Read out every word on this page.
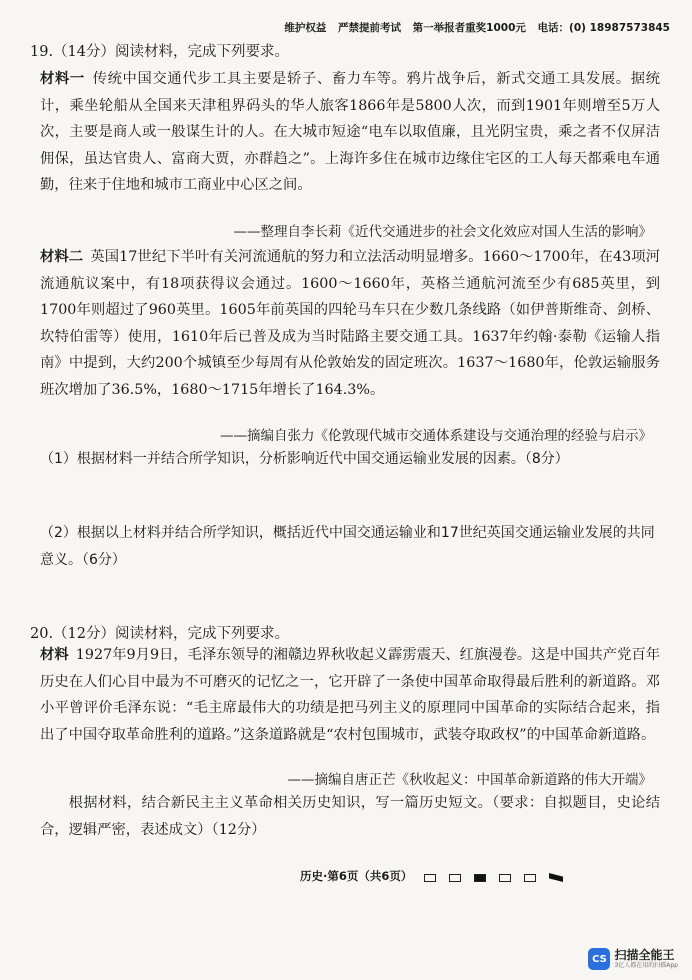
维护权益 严禁提前考试 第一举报者重奖1000元 电话：(0) 18987573845
19.（14分）阅读材料，完成下列要求。
材料一  传统中国交通代步工具主要是轿子、畜力车等。鸦片战争后，新式交通工具发展。据统计，乘坐轮船从全国来天津租界码头的华人旅客1866年是5800人次，而到1901年则增至5万人次，主要是商人或一般谋生计的人。在大城市短途“电车以取值廉，且光阴宝贵，乘之者不仅屏洁佣保，虽达官贵人、富商大贾，亦群趋之”。上海许多住在城市边缘住宅区的工人每天都乘电车通勤，往来于住地和城市工商业中心区之间。
——整理自李长莉《近代交通进步的社会文化效应对国人生活的影响》
材料二  英国17世纪下半叶有关河流通航的努力和立法活动明显增多。1660～1700年，在43项河流通航议案中，有18项获得议会通过。1600～1660年，英格兰通航河流至少有685英里，到1700年则超过了960英里。1605年前英国的四轮马车只在少数几条线路（如伊普斯维奇、剑桥、坎特伯雷等）使用，1610年后已普及成为当时陆路主要交通工具。1637年约翰·泰勒《运输人指南》中提到，大约200个城镇至少每周有从伦敦始发的固定班次。1637～1680年，伦敦运输服务班次增加了36.5%，1680～1715年增长了164.3%。
——摘编自张力《伦敦现代城市交通体系建设与交通治理的经验与启示》
（1）根据材料一并结合所学知识，分析影响近代中国交通运输业发展的因素。（8分）
（2）根据以上材料并结合所学知识，概括近代中国交通运输业和17世纪英国交通运输业发展的共同意义。（6分）
20.（12分）阅读材料，完成下列要求。
材料  1927年9月9日，毛泽东领导的湘赣边界秋收起义霹雳震天、红旗漫卷。这是中国共产党百年历史在人们心目中最为不可磨灭的记忆之一，它开辟了一条使中国革命取得最后胜利的新道路。邓小平曾评价毛泽东说：“毛主席最伟大的功绩是把马列主义的原理同中国革命的实际结合起来，指出了中国夺取革命胜利的道路。”这条道路就是“农村包围城市，武装夺取政权”的中国革命新道路。
——摘编自唐正芒《秋收起义：中国革命新道路的伟大开端》
根据材料，结合新民主主义革命相关历史知识，写一篇历史短文。（要求：自拟题目，史论结合，逻辑严密，表述成文）（12分）
历史·第6页（共6页）
CS 扫描全能王
3亿人都在用的扫描App
